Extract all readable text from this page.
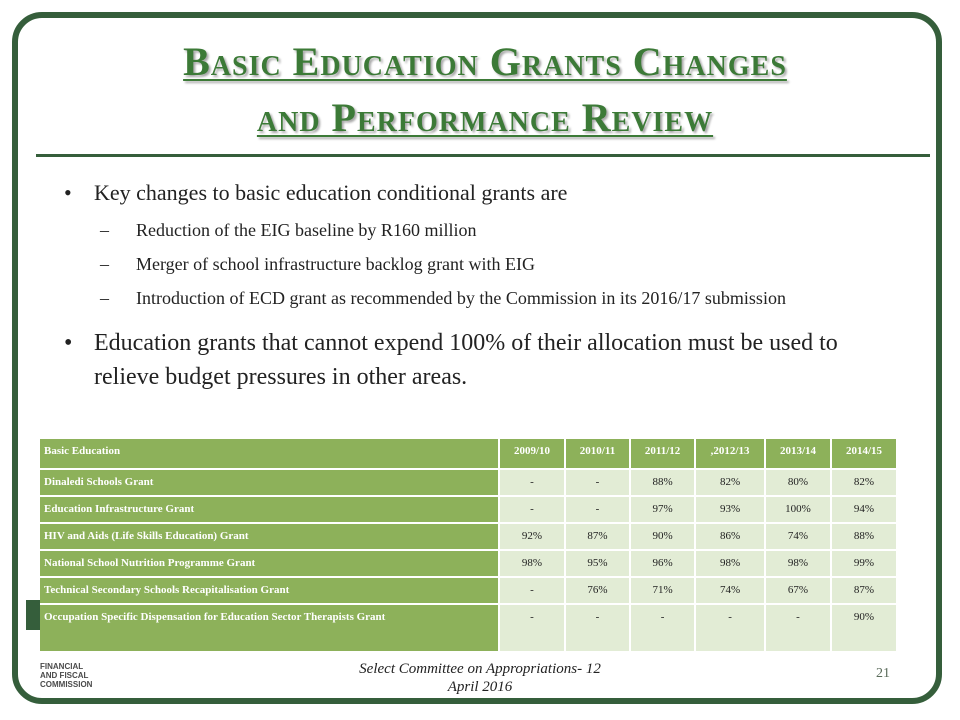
Basic Education Grants Changes
and Performance Review
• Key changes to basic education conditional grants are
– Reduction of the EIG baseline by R160 million
– Merger of school infrastructure backlog grant with EIG
– Introduction of ECD grant as recommended by the Commission in its 2016/17 submission
• Education grants that cannot expend 100% of their allocation must be used to relieve budget pressures in other areas.
Basic Education	2009/10	2010/11	2011/12	,2012/13	2013/14	2014/15
Dinaledi Schools Grant	-	-	88%	82%	80%	82%
Education Infrastructure Grant	-	-	97%	93%	100%	94%
HIV and Aids (Life Skills Education) Grant	92%	87%	90%	86%	74%	88%
National School Nutrition Programme Grant	98%	95%	96%	98%	98%	99%
Technical Secondary Schools Recapitalisation Grant	-	76%	71%	74%	67%	87%
Occupation Specific Dispensation for Education Sector Therapists Grant	-	-	-	-	-	90%
FINANCIAL
AND FISCAL
COMMISSION
Select Committee on Appropriations- 12
April 2016
21
